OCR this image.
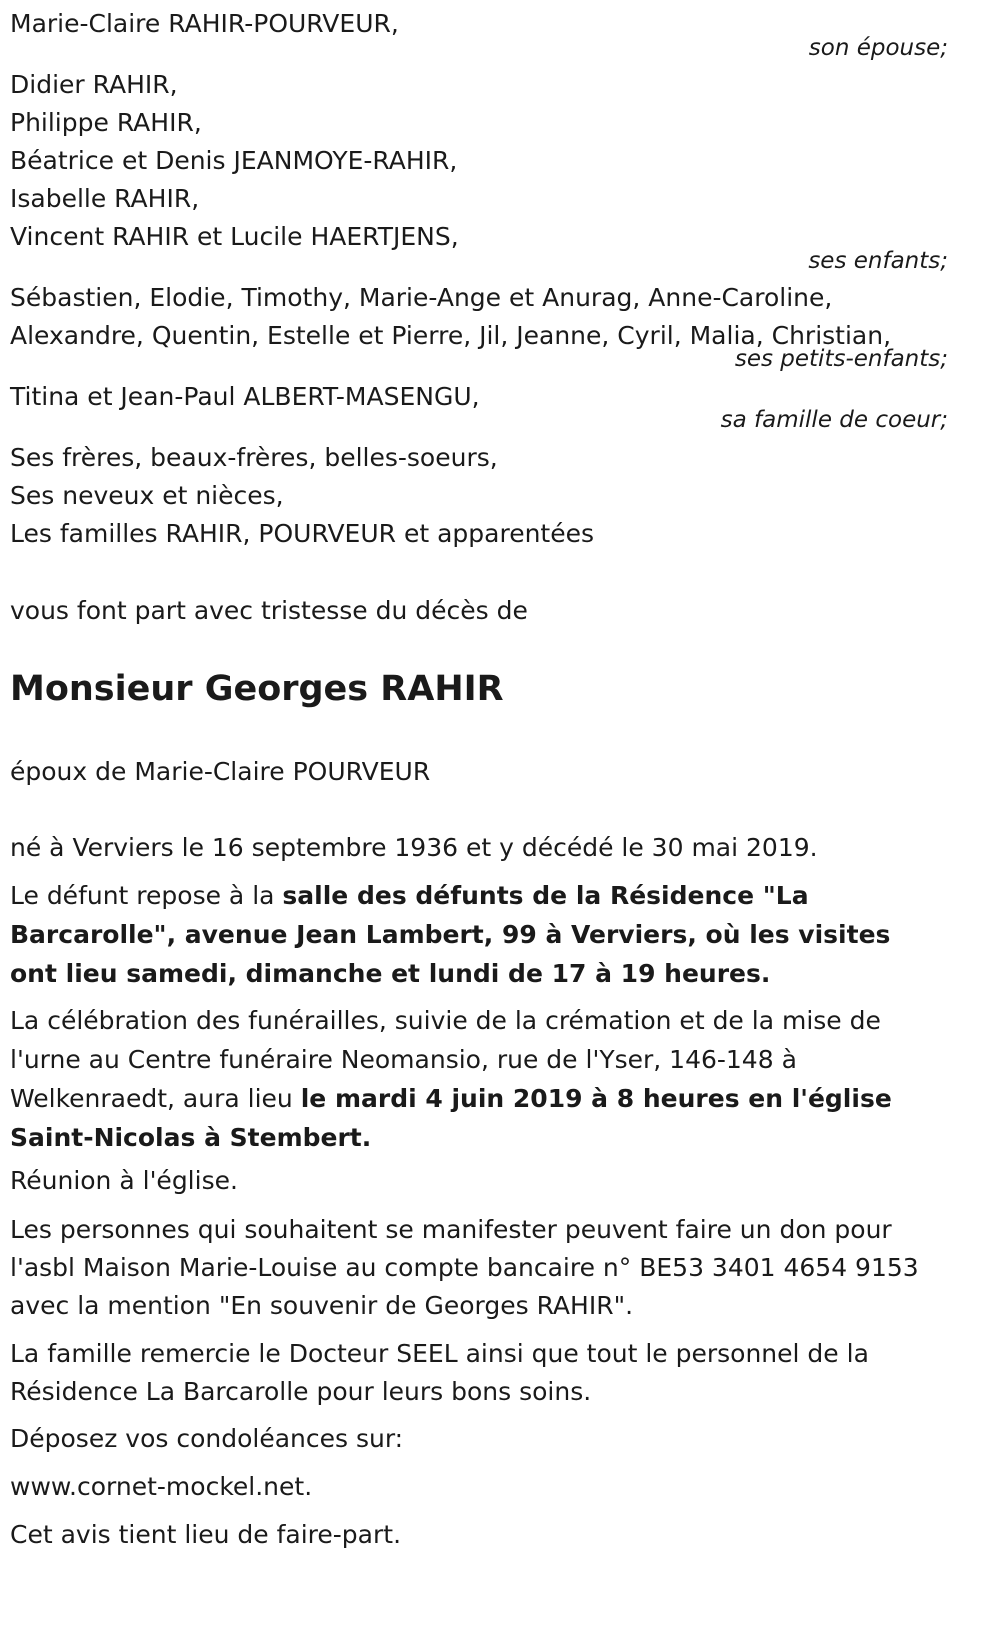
Marie-Claire RAHIR-POURVEUR,
son épouse;
Didier RAHIR,
Philippe RAHIR,
Béatrice et Denis JEANMOYE-RAHIR,
Isabelle RAHIR,
Vincent RAHIR et Lucile HAERTJENS,
ses enfants;
Sébastien, Elodie, Timothy, Marie-Ange et Anurag, Anne-Caroline,
Alexandre, Quentin, Estelle et Pierre, Jil, Jeanne, Cyril, Malia, Christian,
ses petits-enfants;
Titina et Jean-Paul ALBERT-MASENGU,
sa famille de coeur;
Ses frères, beaux-frères, belles-soeurs,
Ses neveux et nièces,
Les familles RAHIR, POURVEUR et apparentées
vous font part avec tristesse du décès de
Monsieur Georges RAHIR
époux de Marie-Claire POURVEUR
né à Verviers le 16 septembre 1936 et y décédé le 30 mai 2019.
Le défunt repose à la salle des défunts de la Résidence "La Barcarolle", avenue Jean Lambert, 99 à Verviers, où les visites ont lieu samedi, dimanche et lundi de 17 à 19 heures.
La célébration des funérailles, suivie de la crémation et de la mise de l'urne au Centre funéraire Neomansio, rue de l'Yser, 146-148 à Welkenraedt, aura lieu le mardi 4 juin 2019 à 8 heures en l'église Saint-Nicolas à Stembert.
Réunion à l'église.
Les personnes qui souhaitent se manifester peuvent faire un don pour l'asbl Maison Marie-Louise au compte bancaire n° BE53 3401 4654 9153 avec la mention "En souvenir de Georges RAHIR".
La famille remercie le Docteur SEEL ainsi que tout le personnel de la Résidence La Barcarolle pour leurs bons soins.
Déposez vos condoléances sur:
www.cornet-mockel.net.
Cet avis tient lieu de faire-part.
